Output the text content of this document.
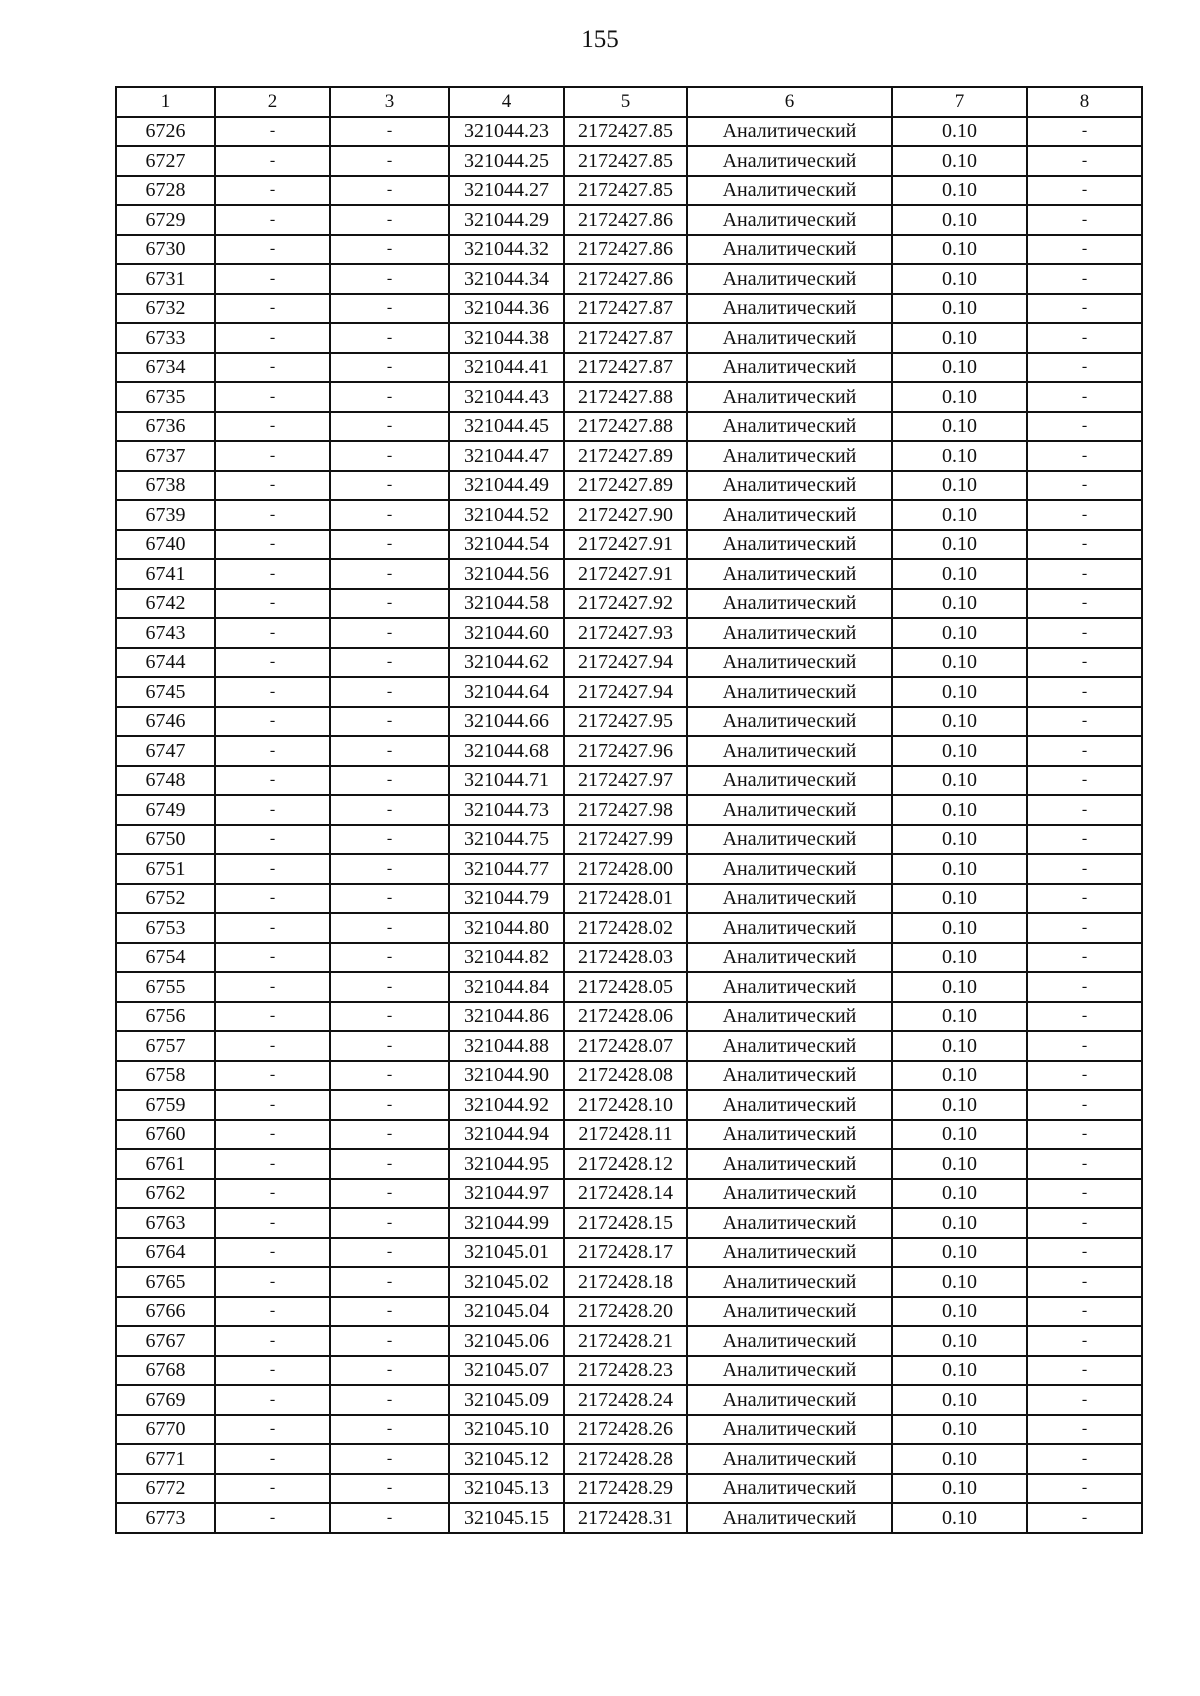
155
1	2	3	4	5	6	7	8
6726	-	-	321044.23	2172427.85	Аналитический	0.10	-
6727	-	-	321044.25	2172427.85	Аналитический	0.10	-
6728	-	-	321044.27	2172427.85	Аналитический	0.10	-
6729	-	-	321044.29	2172427.86	Аналитический	0.10	-
6730	-	-	321044.32	2172427.86	Аналитический	0.10	-
6731	-	-	321044.34	2172427.86	Аналитический	0.10	-
6732	-	-	321044.36	2172427.87	Аналитический	0.10	-
6733	-	-	321044.38	2172427.87	Аналитический	0.10	-
6734	-	-	321044.41	2172427.87	Аналитический	0.10	-
6735	-	-	321044.43	2172427.88	Аналитический	0.10	-
6736	-	-	321044.45	2172427.88	Аналитический	0.10	-
6737	-	-	321044.47	2172427.89	Аналитический	0.10	-
6738	-	-	321044.49	2172427.89	Аналитический	0.10	-
6739	-	-	321044.52	2172427.90	Аналитический	0.10	-
6740	-	-	321044.54	2172427.91	Аналитический	0.10	-
6741	-	-	321044.56	2172427.91	Аналитический	0.10	-
6742	-	-	321044.58	2172427.92	Аналитический	0.10	-
6743	-	-	321044.60	2172427.93	Аналитический	0.10	-
6744	-	-	321044.62	2172427.94	Аналитический	0.10	-
6745	-	-	321044.64	2172427.94	Аналитический	0.10	-
6746	-	-	321044.66	2172427.95	Аналитический	0.10	-
6747	-	-	321044.68	2172427.96	Аналитический	0.10	-
6748	-	-	321044.71	2172427.97	Аналитический	0.10	-
6749	-	-	321044.73	2172427.98	Аналитический	0.10	-
6750	-	-	321044.75	2172427.99	Аналитический	0.10	-
6751	-	-	321044.77	2172428.00	Аналитический	0.10	-
6752	-	-	321044.79	2172428.01	Аналитический	0.10	-
6753	-	-	321044.80	2172428.02	Аналитический	0.10	-
6754	-	-	321044.82	2172428.03	Аналитический	0.10	-
6755	-	-	321044.84	2172428.05	Аналитический	0.10	-
6756	-	-	321044.86	2172428.06	Аналитический	0.10	-
6757	-	-	321044.88	2172428.07	Аналитический	0.10	-
6758	-	-	321044.90	2172428.08	Аналитический	0.10	-
6759	-	-	321044.92	2172428.10	Аналитический	0.10	-
6760	-	-	321044.94	2172428.11	Аналитический	0.10	-
6761	-	-	321044.95	2172428.12	Аналитический	0.10	-
6762	-	-	321044.97	2172428.14	Аналитический	0.10	-
6763	-	-	321044.99	2172428.15	Аналитический	0.10	-
6764	-	-	321045.01	2172428.17	Аналитический	0.10	-
6765	-	-	321045.02	2172428.18	Аналитический	0.10	-
6766	-	-	321045.04	2172428.20	Аналитический	0.10	-
6767	-	-	321045.06	2172428.21	Аналитический	0.10	-
6768	-	-	321045.07	2172428.23	Аналитический	0.10	-
6769	-	-	321045.09	2172428.24	Аналитический	0.10	-
6770	-	-	321045.10	2172428.26	Аналитический	0.10	-
6771	-	-	321045.12	2172428.28	Аналитический	0.10	-
6772	-	-	321045.13	2172428.29	Аналитический	0.10	-
6773	-	-	321045.15	2172428.31	Аналитический	0.10	-
